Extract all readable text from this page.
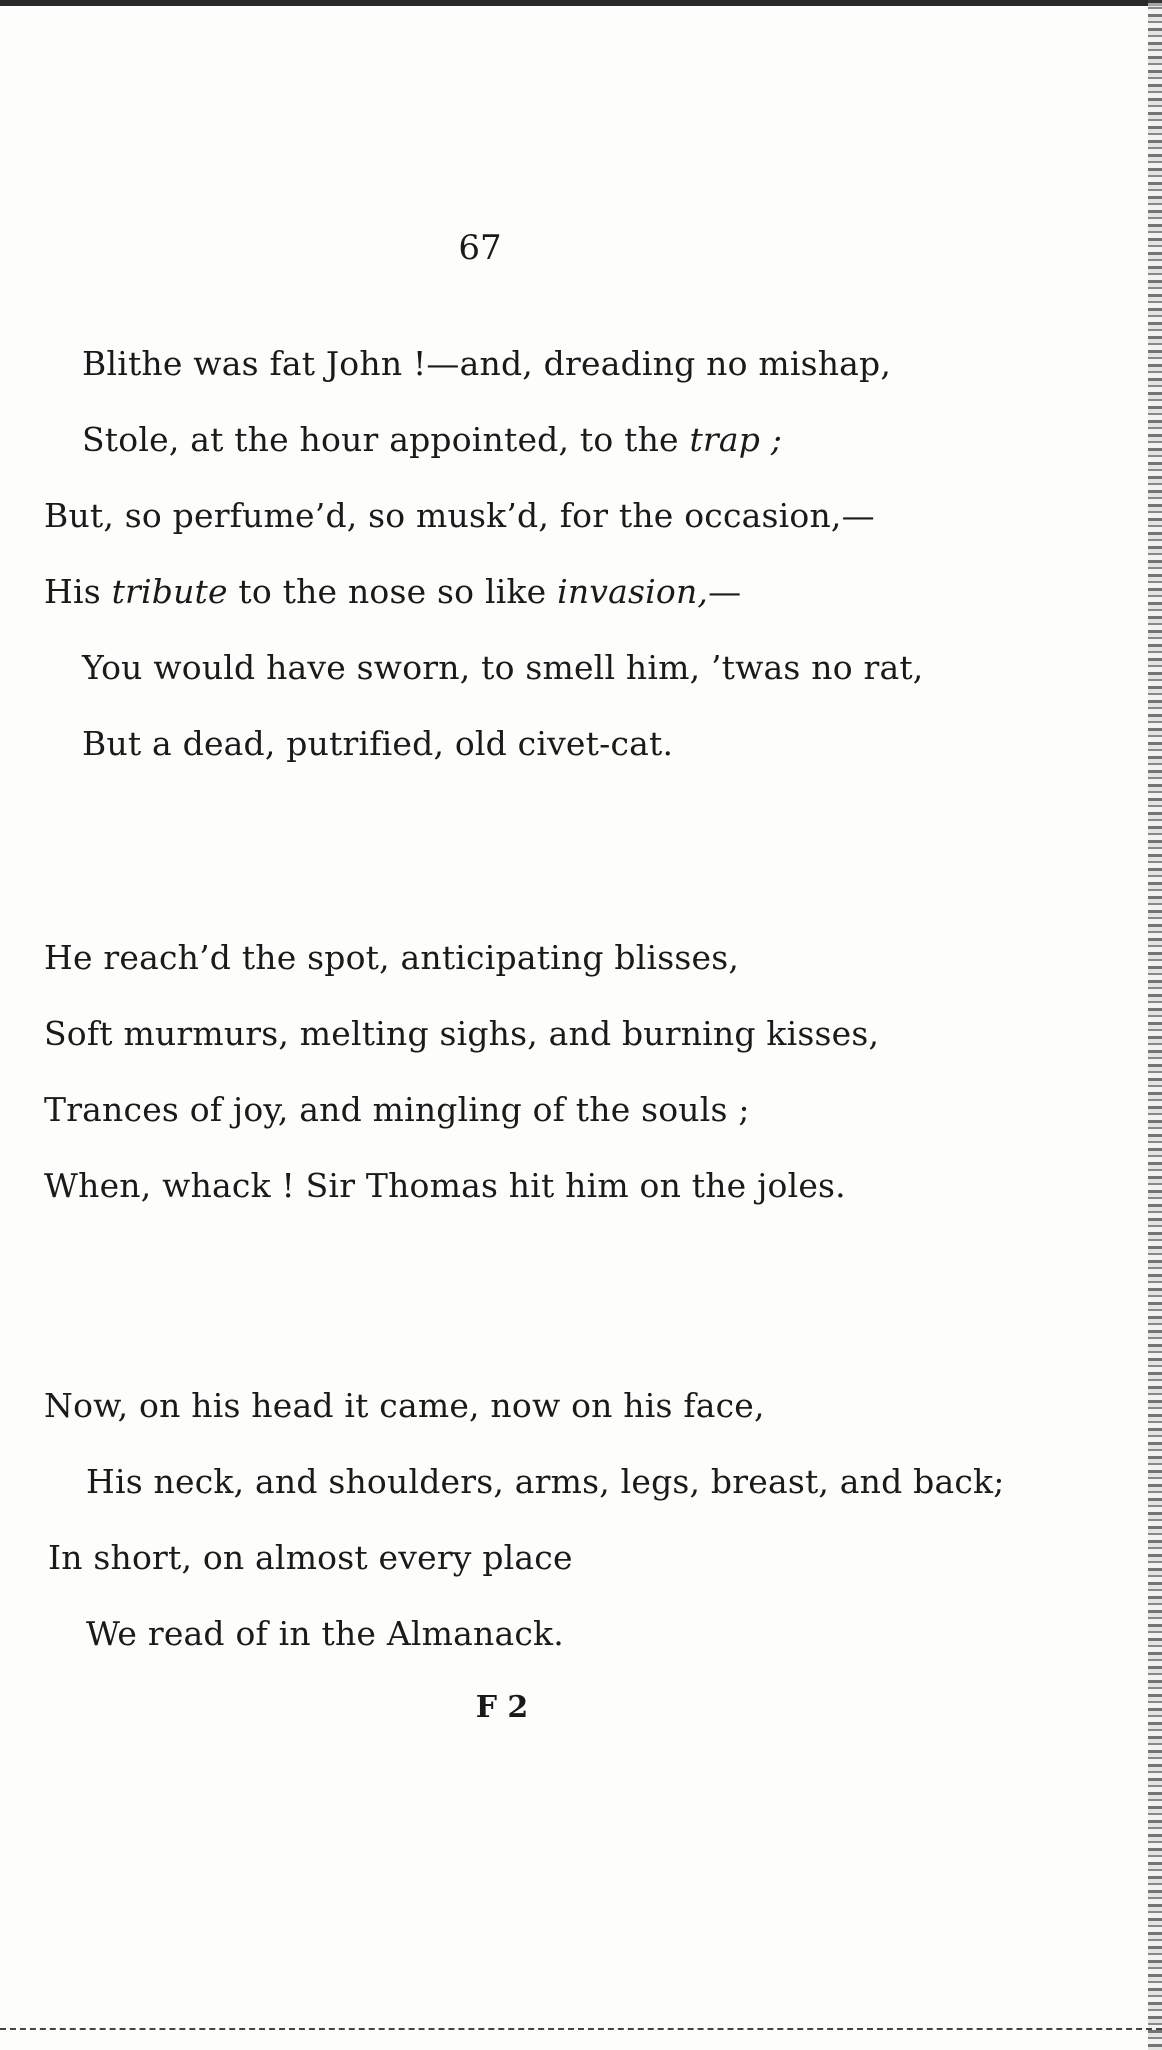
67
Blithe was fat John !—and, dreading no mishap,
Stole, at the hour appointed, to the trap ;
But, so perfume’d, so musk’d, for the occasion,—
His tribute to the nose so like invasion,—
You would have sworn, to smell him, ’twas no rat,
But a dead, putrified, old civet-cat.
He reach’d the spot, anticipating blisses,
Soft murmurs, melting sighs, and burning kisses,
Trances of joy, and mingling of the souls ;
When, whack ! Sir Thomas hit him on the joles.
Now, on his head it came, now on his face,
His neck, and shoulders, arms, legs, breast, and back;
In short, on almost every place
We read of in the Almanack.
F 2
